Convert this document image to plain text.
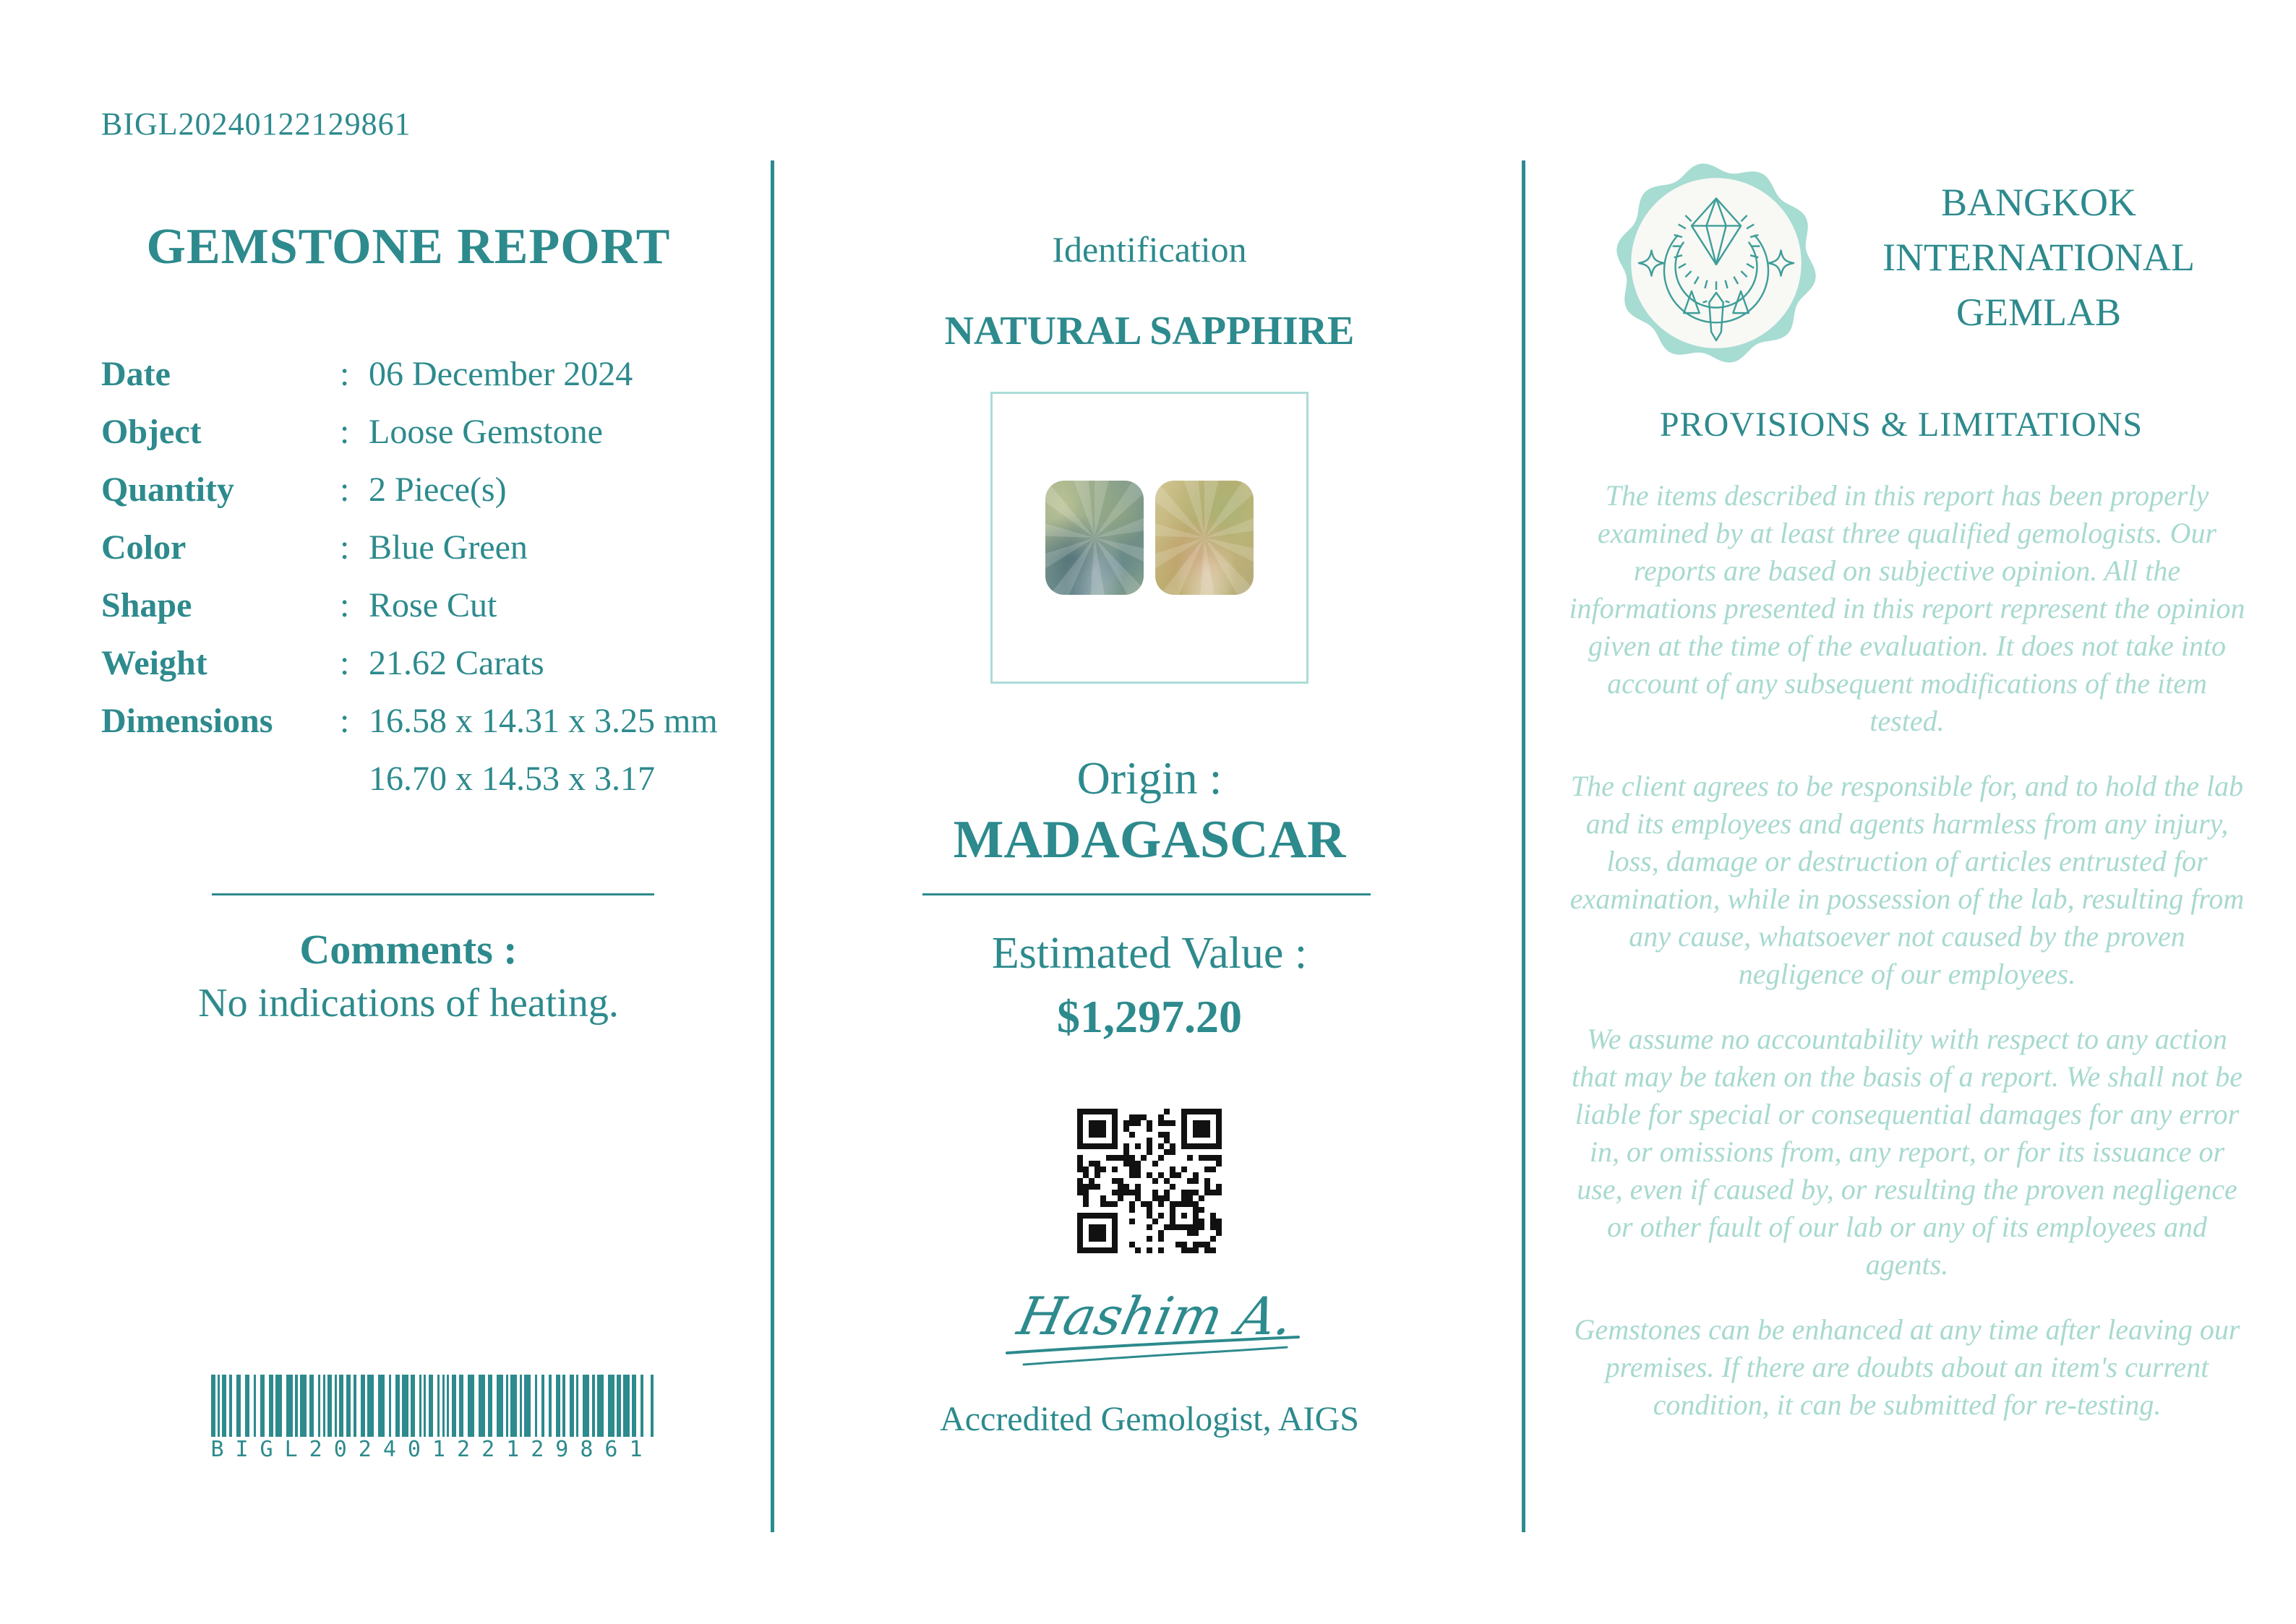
BIGL20240122129861
GEMSTONE REPORT
Date	: 06 December 2024
Object	: Loose Gemstone
Quantity	: 2 Piece(s)
Color	: Blue Green
Shape	: Rose Cut
Weight	: 21.62 Carats
Dimensions	: 16.58 x 14.31 x 3.25 mm
16.70 x 14.53 x 3.17
Comments :
No indications of heating.
BIGL20240122129861
Identification
NATURAL SAPPHIRE
Origin :
MADAGASCAR
Estimated Value :
$1,297.20
Hashim A.
Accredited Gemologist, AIGS
BANGKOK
INTERNATIONAL
GEMLAB
PROVISIONS & LIMITATIONS

The items described in this report has been properly examined by at least three qualified gemologists. Our reports are based on subjective opinion. All the informations presented in this report represent the opinion given at the time of the evaluation. It does not take into account of any subsequent modifications of the item tested.

The client agrees to be responsible for, and to hold the lab and its employees and agents harmless from any injury, loss, damage or destruction of articles entrusted for examination, while in possession of the lab, resulting from any cause, whatsoever not caused by the proven negligence of our employees.

We assume no accountability with respect to any action that may be taken on the basis of a report. We shall not be liable for special or consequential damages for any error in, or omissions from, any report, or for its issuance or use, even if caused by, or resulting the proven negligence or other fault of our lab or any of its employees and agents.

Gemstones can be enhanced at any time after leaving our premises. If there are doubts about an item's current condition, it can be submitted for re-testing.
